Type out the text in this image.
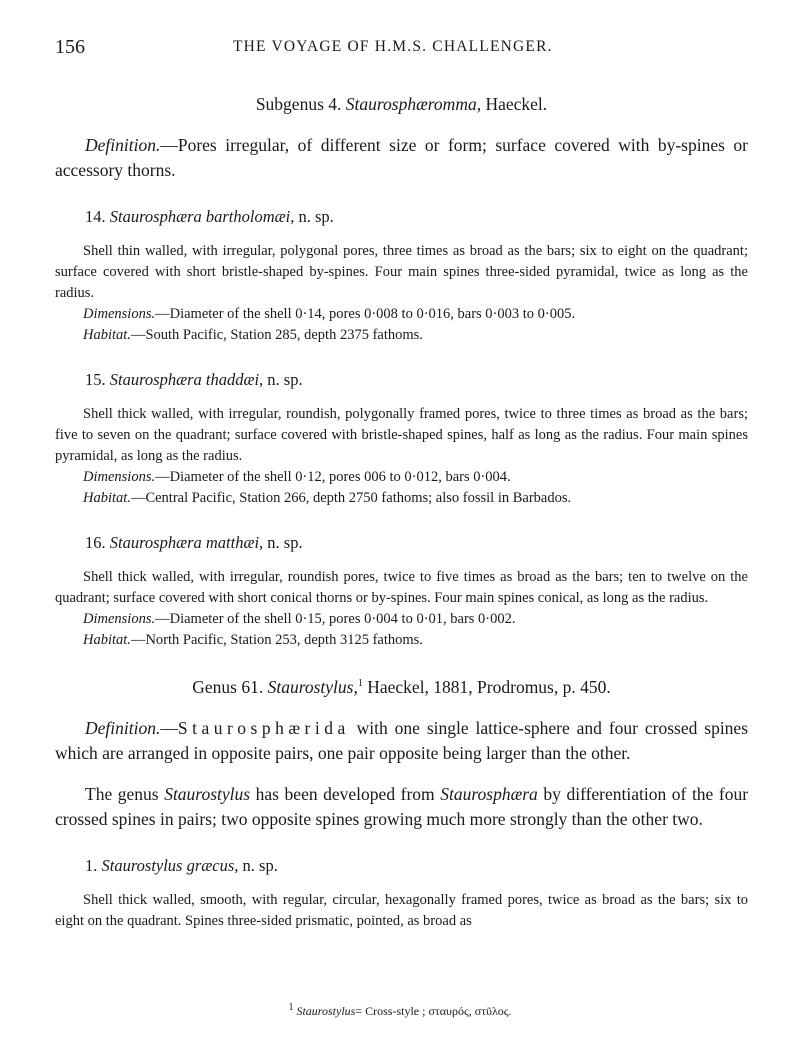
156	THE VOYAGE OF H.M.S. CHALLENGER.
Subgenus 4. Staurosphæromma, Haeckel.

Definition.—Pores irregular, of different size or form; surface covered with by-spines or accessory thorns.

14. Staurosphæra bartholomæi, n. sp.

Shell thin walled, with irregular, polygonal pores, three times as broad as the bars; six to eight on the quadrant; surface covered with short bristle-shaped by-spines. Four main spines three-sided pyramidal, twice as long as the radius.

Dimensions.—Diameter of the shell 0·14, pores 0·008 to 0·016, bars 0·003 to 0·005.

Habitat.—South Pacific, Station 285, depth 2375 fathoms.

15. Staurosphæra thaddæi, n. sp.

Shell thick walled, with irregular, roundish, polygonally framed pores, twice to three times as broad as the bars; five to seven on the quadrant; surface covered with bristle-shaped spines, half as long as the radius. Four main spines pyramidal, as long as the radius.

Dimensions.—Diameter of the shell 0·12, pores 006 to 0·012, bars 0·004.

Habitat.—Central Pacific, Station 266, depth 2750 fathoms; also fossil in Barbados.

16. Staurosphæra matthæi, n. sp.

Shell thick walled, with irregular, roundish pores, twice to five times as broad as the bars; ten to twelve on the quadrant; surface covered with short conical thorns or by-spines. Four main spines conical, as long as the radius.

Dimensions.—Diameter of the shell 0·15, pores 0·004 to 0·01, bars 0·002.

Habitat.—North Pacific, Station 253, depth 3125 fathoms.

Genus 61. Staurostylus,$^1$ Haeckel, 1881, Prodromus, p. 450.

Definition.—Staurosphærida with one single lattice-sphere and four crossed spines which are arranged in opposite pairs, one pair opposite being larger than the other.

The genus Staurostylus has been developed from Staurosphæra by differentiation of the four crossed spines in pairs; two opposite spines growing much more strongly than the other two.

1. Staurostylus græcus, n. sp.

Shell thick walled, smooth, with regular, circular, hexagonally framed pores, twice as broad as the bars; six to eight on the quadrant. Spines three-sided prismatic, pointed, as broad as

$^1$ Staurostylus= Cross-style ; σταυρός, στῦλος.
